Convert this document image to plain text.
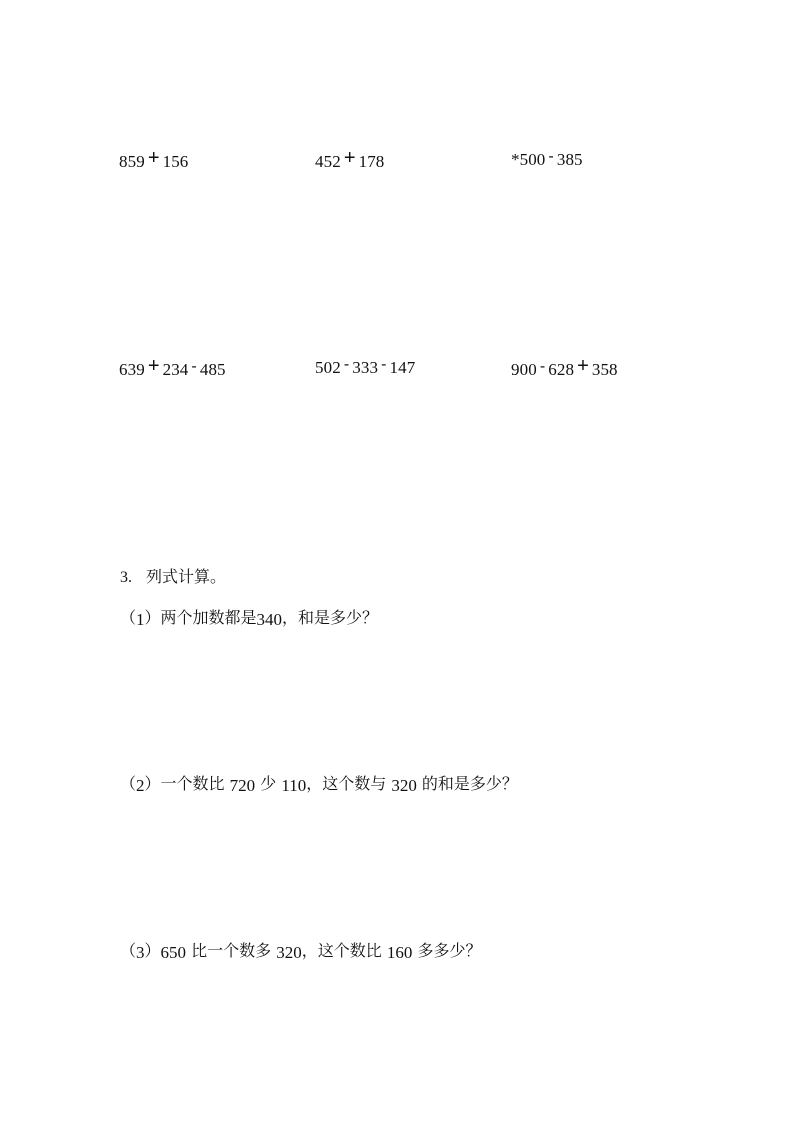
859 + 156	452 + 178	*500 - 385
639 + 234 - 485	502 - 333 - 147	900 - 628 + 358
3. 列式计算。
（1）两个加数都是340，和是多少？
（2）一个数比 720 少 110，这个数与 320 的和是多少？
（3）650 比一个数多 320，这个数比 160 多多少？
